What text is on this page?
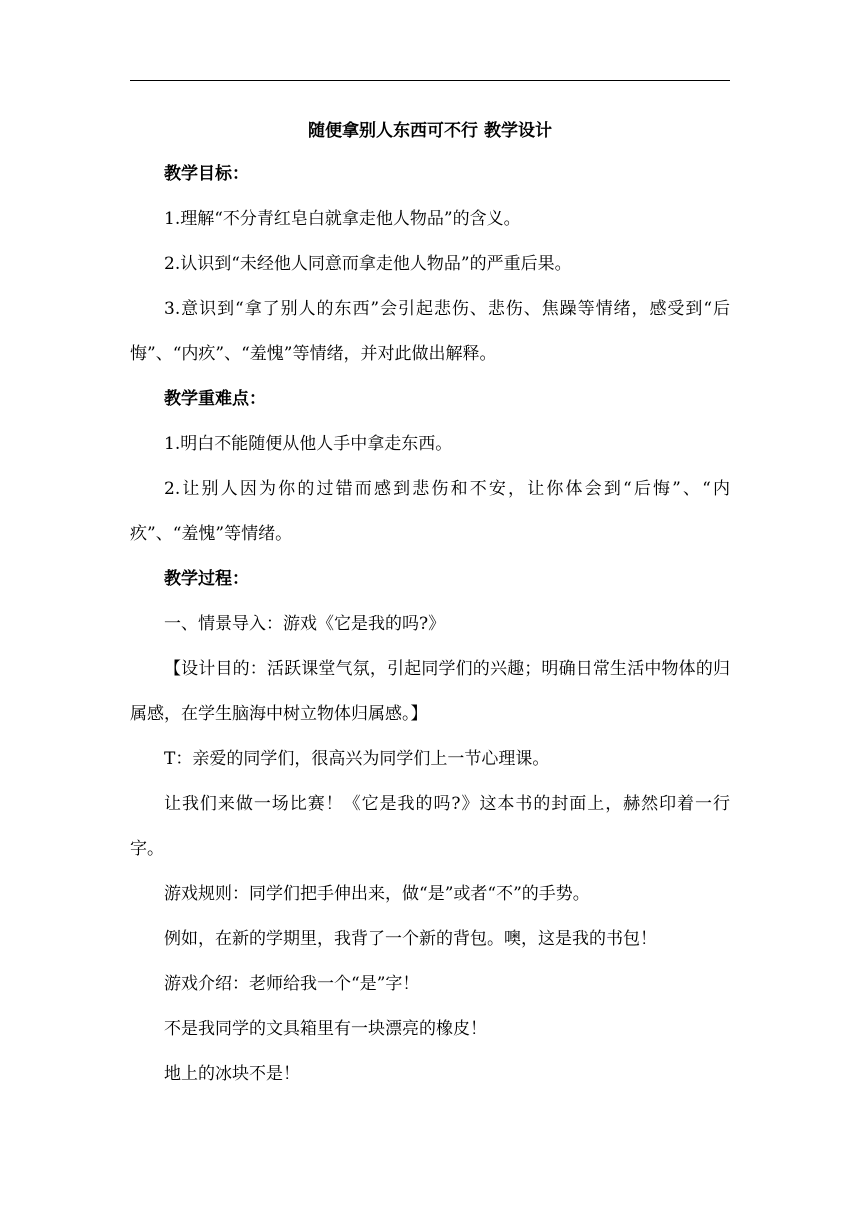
随便拿别人东西可不行 教学设计

教学目标：

1.理解“不分青红皂白就拿走他人物品”的含义。

2.认识到“未经他人同意而拿走他人物品”的严重后果。

3.意识到“拿了别人的东西”会引起悲伤、悲伤、焦躁等情绪，感受到“后悔”、“内疚”、“羞愧”等情绪，并对此做出解释。

教学重难点：

1.明白不能随便从他人手中拿走东西。

2.让别人因为你的过错而感到悲伤和不安，让你体会到“后悔”、“内疚”、“羞愧”等情绪。

教学过程：

一、情景导入：游戏《它是我的吗?》

【设计目的：活跃课堂气氛，引起同学们的兴趣；明确日常生活中物体的归属感，在学生脑海中树立物体归属感。】

T：亲爱的同学们，很高兴为同学们上一节心理课。

让我们来做一场比赛！《它是我的吗?》这本书的封面上，赫然印着一行字。

游戏规则：同学们把手伸出来，做“是”或者“不”的手势。

例如，在新的学期里，我背了一个新的背包。噢，这是我的书包！

游戏介绍：老师给我一个“是”字！

不是我同学的文具箱里有一块漂亮的橡皮！

地上的冰块不是！
